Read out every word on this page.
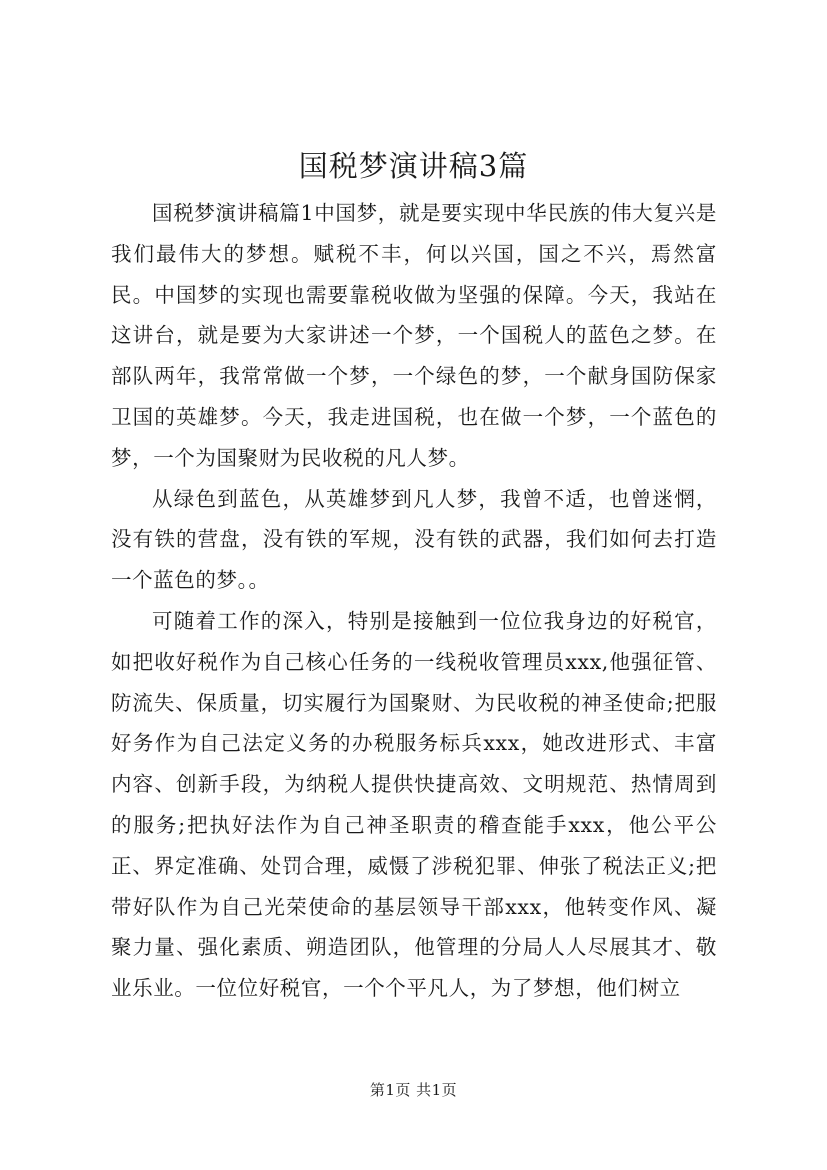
国税梦演讲稿3篇

国税梦演讲稿篇1中国梦，就是要实现中华民族的伟大复兴是我们最伟大的梦想。赋税不丰，何以兴国，国之不兴，焉然富民。中国梦的实现也需要靠税收做为坚强的保障。今天，我站在这讲台，就是要为大家讲述一个梦，一个国税人的蓝色之梦。在部队两年，我常常做一个梦，一个绿色的梦，一个献身国防保家卫国的英雄梦。今天，我走进国税，也在做一个梦，一个蓝色的梦，一个为国聚财为民收税的凡人梦。

从绿色到蓝色，从英雄梦到凡人梦，我曾不适，也曾迷惘，没有铁的营盘，没有铁的军规，没有铁的武器，我们如何去打造一个蓝色的梦。。

可随着工作的深入，特别是接触到一位位我身边的好税官，如把收好税作为自己核心任务的一线税收管理员xxx,他强征管、防流失、保质量，切实履行为国聚财、为民收税的神圣使命;把服好务作为自己法定义务的办税服务标兵xxx，她改进形式、丰富内容、创新手段，为纳税人提供快捷高效、文明规范、热情周到的服务;把执好法作为自己神圣职责的稽查能手xxx，他公平公正、界定准确、处罚合理，威慑了涉税犯罪、伸张了税法正义;把带好队作为自己光荣使命的基层领导干部xxx，他转变作风、凝聚力量、强化素质、朔造团队，他管理的分局人人尽展其才、敬业乐业。一位位好税官，一个个平凡人，为了梦想，他们树立

第1页 共1页
